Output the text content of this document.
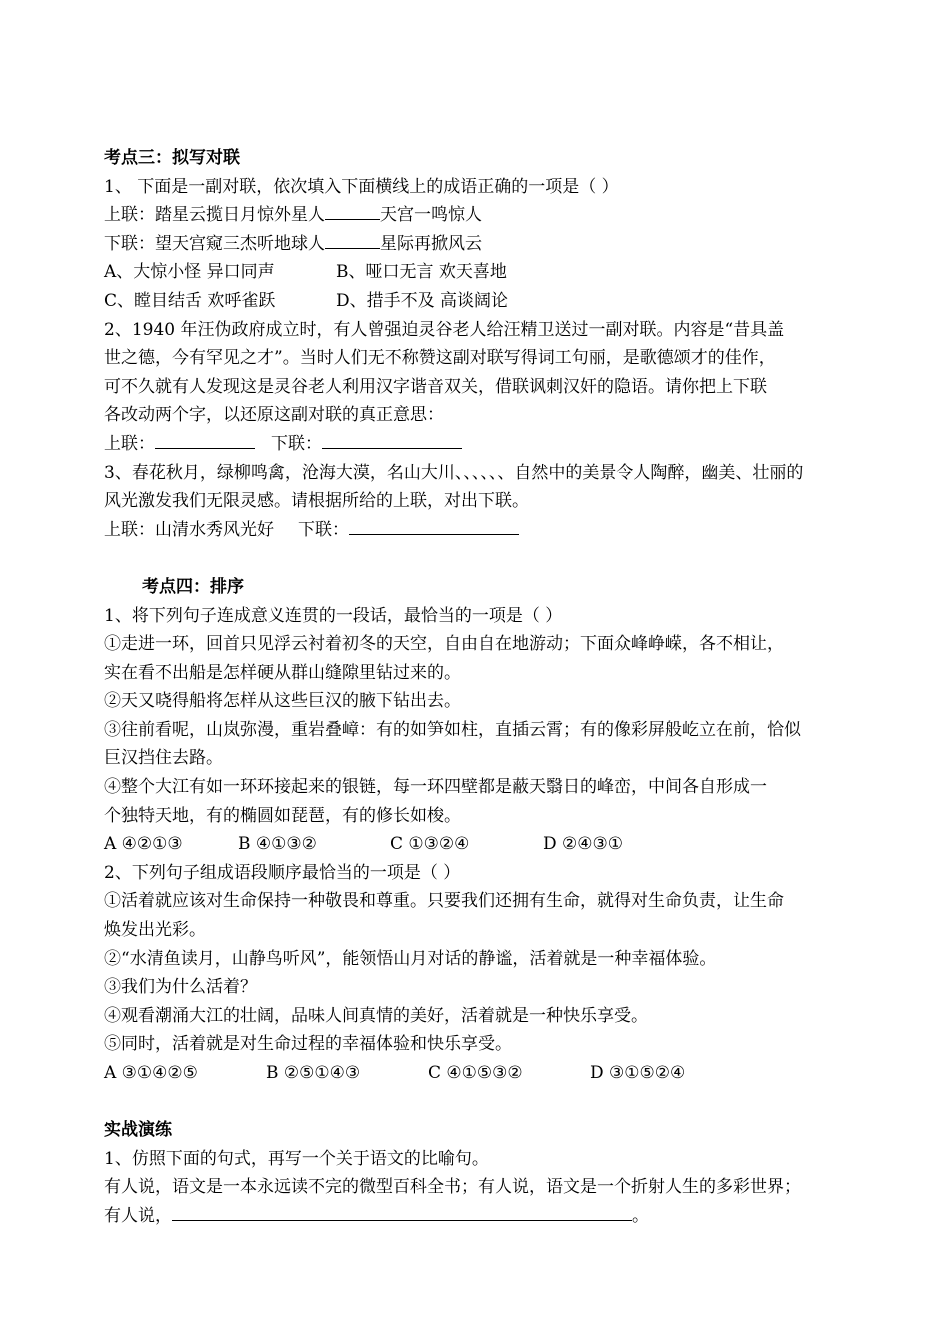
考点三：拟写对联
1、 下面是一副对联，依次填入下面横线上的成语正确的一项是（ ）
上联：踏星云揽日月惊外星人	天宫一鸣惊人
下联：望天宫窥三杰听地球人	星际再掀风云
A、大惊小怪 异口同声	B、哑口无言 欢天喜地
C、瞠目结舌 欢呼雀跃	D、措手不及 高谈阔论
2、1940 年汪伪政府成立时，有人曾强迫灵谷老人给汪精卫送过一副对联。内容是“昔具盖
世之德，今有罕见之才”。当时人们无不称赞这副对联写得词工句丽，是歌德颂才的佳作，
可不久就有人发现这是灵谷老人利用汉字谐音双关，借联讽刺汉奸的隐语。请你把上下联
各改动两个字，以还原这副对联的真正意思：
上联：	下联：
3、春花秋月，绿柳鸣禽，沧海大漠，名山大川、、、、、、自然中的美景令人陶醉，幽美、壮丽的
风光激发我们无限灵感。请根据所给的上联，对出下联。
上联：山清水秀风光好 下联：
考点四：排序
1、将下列句子连成意义连贯的一段话，最恰当的一项是（ ）
①走进一环，回首只见浮云衬着初冬的天空，自由自在地游动；下面众峰峥嵘，各不相让，
实在看不出船是怎样硬从群山缝隙里钻过来的。
②天又哓得船将怎样从这些巨汉的腋下钻出去。
③往前看呢，山岚弥漫，重岩叠嶂：有的如笋如柱，直插云霄；有的像彩屏般屹立在前，恰似
巨汉挡住去路。
④整个大江有如一环环接起来的银链，每一环四壁都是蔽天翳日的峰峦，中间各自形成一
个独特天地，有的椭圆如琵琶，有的修长如梭。
A ④②①③	B ④①③②	C ①③②④	D ②④③①
2、下列句子组成语段顺序最恰当的一项是（ ）
①活着就应该对生命保持一种敬畏和尊重。只要我们还拥有生命，就得对生命负责，让生命
焕发出光彩。
②“水清鱼读月，山静鸟听风”，能领悟山月对话的静谧，活着就是一种幸福体验。
③我们为什么活着？
④观看潮涌大江的壮阔，品味人间真情的美好，活着就是一种快乐享受。
⑤同时，活着就是对生命过程的幸福体验和快乐享受。
A ③①④②⑤	B ②⑤①④③	C ④①⑤③②	D ③①⑤②④
实战演练
1、仿照下面的句式，再写一个关于语文的比喻句。
有人说，语文是一本永远读不完的微型百科全书；有人说，语文是一个折射人生的多彩世界；
有人说，	。
